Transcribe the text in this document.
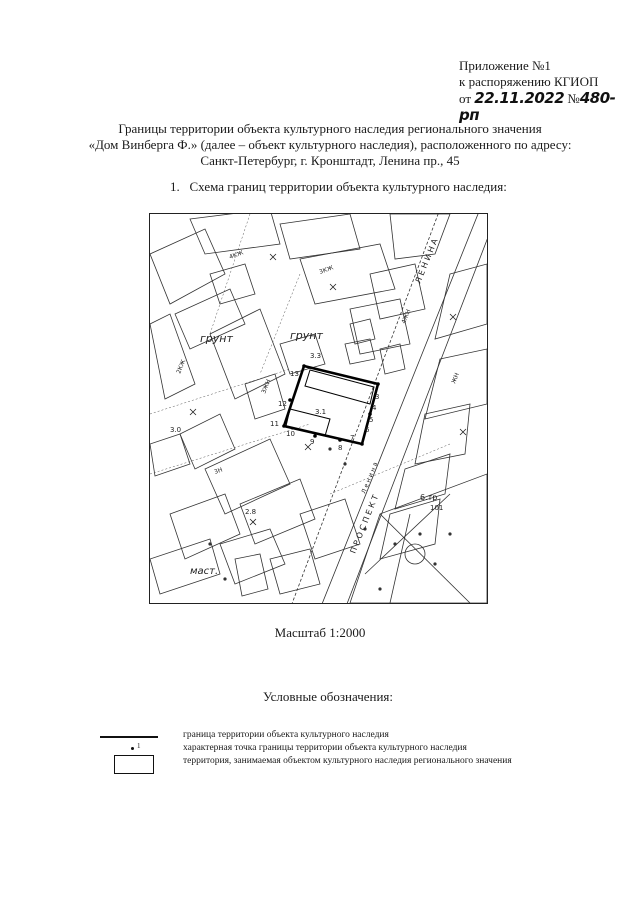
Приложение №1
к распоряжению КГИОП
от 22.11.2022 №480-рп
Границы территории объекта культурного наследия регионального значения
«Дом Винберга Ф.» (далее – объект культурного наследия), расположенного по адресу:
Санкт-Петербург, г. Кронштадт, Ленина пр., 45
1. Схема границ территории объекта культурного наследия:
грунт
грунт
маст.
6.тр
101
3.1
13
12
11
10
9
8
3.3
3.0
2.8
3
6
7
4
5
П Р О С П Е К Т
Л Е Н И Н А
Л е н и н а
4КЖ
3КЖ
2КЖ
3ЖН
4ЖН
3Н
ЖН
Масштаб 1:2000
Условные обозначения:
граница территории объекта культурного наследия
1	характерная точка границы территории объекта культурного наследия
территория, занимаемая объектом культурного наследия регионального значения
